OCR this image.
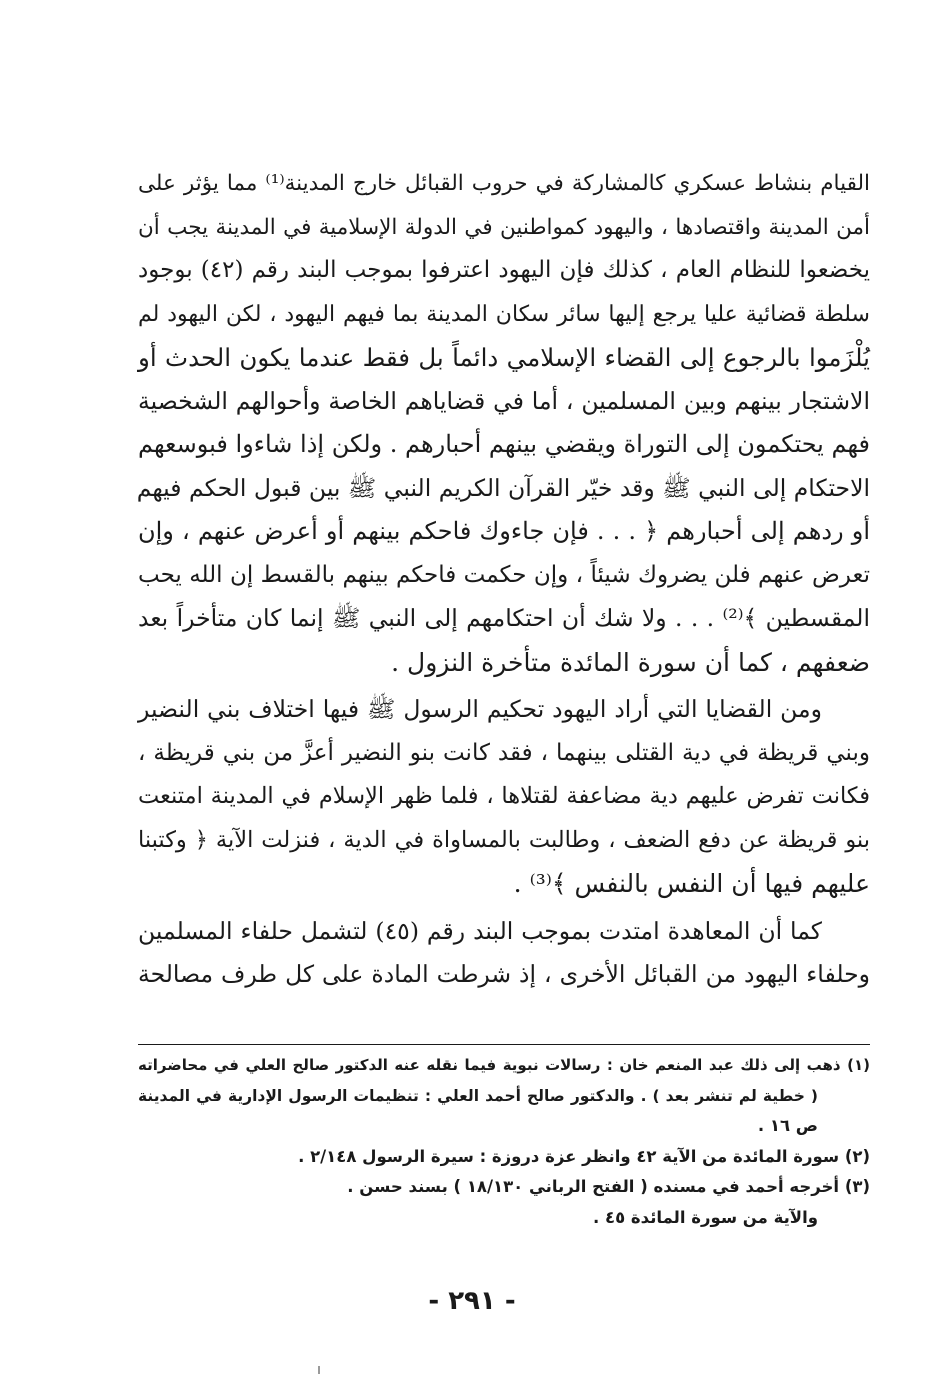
القيام بنشاط عسكري كالمشاركة في حروب القبائل خارج المدينة⁽¹⁾ مما يؤثر على
أمن المدينة واقتصادها ، واليهود كمواطنين في الدولة الإسلامية في المدينة يجب أن
يخضعوا للنظام العام ، كذلك فإن اليهود اعترفوا بموجب البند رقم (٤٢) بوجود
سلطة قضائية عليا يرجع إليها سائر سكان المدينة بما فيهم اليهود ، لكن اليهود لم
يُلْزَموا بالرجوع إلى القضاء الإسلامي دائماً بل فقط عندما يكون الحدث أو
الاشتجار بينهم وبين المسلمين ، أما في قضاياهم الخاصة وأحوالهم الشخصية
فهم يحتكمون إلى التوراة ويقضي بينهم أحبارهم . ولكن إذا شاءوا فبوسعهم
الاحتكام إلى النبي ﷺ وقد خيّر القرآن الكريم النبي ﷺ بين قبول الحكم فيهم
أو ردهم إلى أحبارهم ﴿ . . . فإن جاءوك فاحكم بينهم أو أعرض عنهم ، وإن
تعرض عنهم فلن يضروك شيئاً ، وإن حكمت فاحكم بينهم بالقسط إن الله يحب
المقسطين ﴾⁽²⁾ . . . ولا شك أن احتكامهم إلى النبي ﷺ إنما كان متأخراً بعد
ضعفهم ، كما أن سورة المائدة متأخرة النزول .
ومن القضايا التي أراد اليهود تحكيم الرسول ﷺ فيها اختلاف بني النضير
وبني قريظة في دية القتلى بينهما ، فقد كانت بنو النضير أعزَّ من بني قريظة ،
فكانت تفرض عليهم دية مضاعفة لقتلاها ، فلما ظهر الإسلام في المدينة امتنعت
بنو قريظة عن دفع الضعف ، وطالبت بالمساواة في الدية ، فنزلت الآية ﴿ وكتبنا
عليهم فيها أن النفس بالنفس ﴾⁽³⁾ .
كما أن المعاهدة امتدت بموجب البند رقم (٤٥) لتشمل حلفاء المسلمين
وحلفاء اليهود من القبائل الأخرى ، إذ شرطت المادة على كل طرف مصالحة
(١) ذهب إلى ذلك عبد المنعم خان : رسالات نبوية فيما نقله عنه الدكتور صالح العلي في محاضراته
( خطية لم تنشر بعد ) . والدكتور صالح أحمد العلي : تنظيمات الرسول الإدارية في المدينة
ص ١٦ .
(٢) سورة المائدة من الآية ٤٢ وانظر عزة دروزة : سيرة الرسول ٢/١٤٨ .
(٣) أخرجه أحمد في مسنده ( الفتح الرباني ١٨/١٣٠ ) بسند حسن .
والآية من سورة المائدة ٤٥ .
- ٢٩١ -
